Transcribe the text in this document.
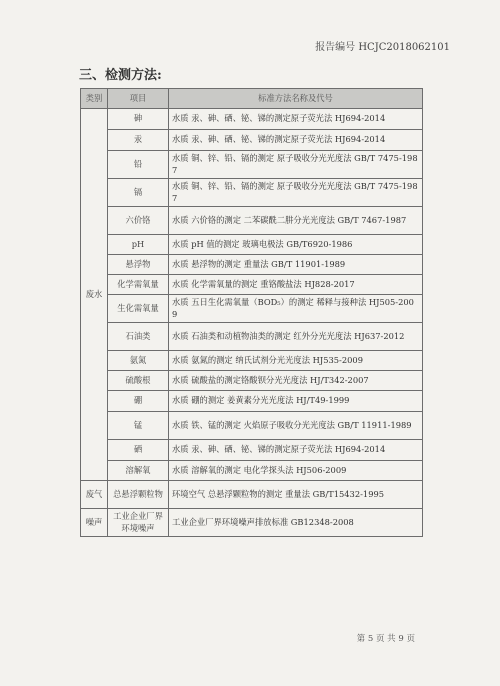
报告编号 HCJC2018062101
三、检测方法:
类别	项目	标准方法名称及代号
废水	砷	水质 汞、砷、硒、铋、锑的测定原子荧光法 HJ694-2014
	汞	水质 汞、砷、硒、铋、锑的测定原子荧光法 HJ694-2014
	铅	水质 铜、锌、铅、镉的测定 原子吸收分光光度法 GB/T 7475-1987
	镉	水质 铜、锌、铅、镉的测定 原子吸收分光光度法 GB/T 7475-1987
	六价铬	水质 六价铬的测定 二苯碳酰二肼分光光度法 GB/T 7467-1987
	pH	水质 pH 值的测定 玻璃电极法 GB/T6920-1986
	悬浮物	水质 悬浮物的测定 重量法 GB/T 11901-1989
	化学需氧量	水质 化学需氧量的测定 重铬酸盐法 HJ828-2017
	生化需氧量	水质 五日生化需氧量（BOD₅）的测定 稀释与接种法 HJ505-2009
	石油类	水质 石油类和动植物油类的测定 红外分光光度法 HJ637-2012
	氨氮	水质 氨氮的测定 纳氏试剂分光光度法 HJ535-2009
	硫酸根	水质 硫酸盐的测定铬酸钡分光光度法 HJ/T342-2007
	硼	水质 硼的测定 姜黄素分光光度法 HJ/T49-1999
	锰	水质 铁、锰的测定 火焰原子吸收分光光度法 GB/T 11911-1989
	硒	水质 汞、砷、硒、铋、锑的测定原子荧光法 HJ694-2014
	溶解氧	水质 溶解氧的测定 电化学探头法 HJ506-2009
废气	总悬浮颗粒物	环境空气 总悬浮颗粒物的测定 重量法 GB/T15432-1995
噪声	工业企业厂界环境噪声	工业企业厂界环境噪声排放标准 GB12348-2008
第 5 页 共 9 页
